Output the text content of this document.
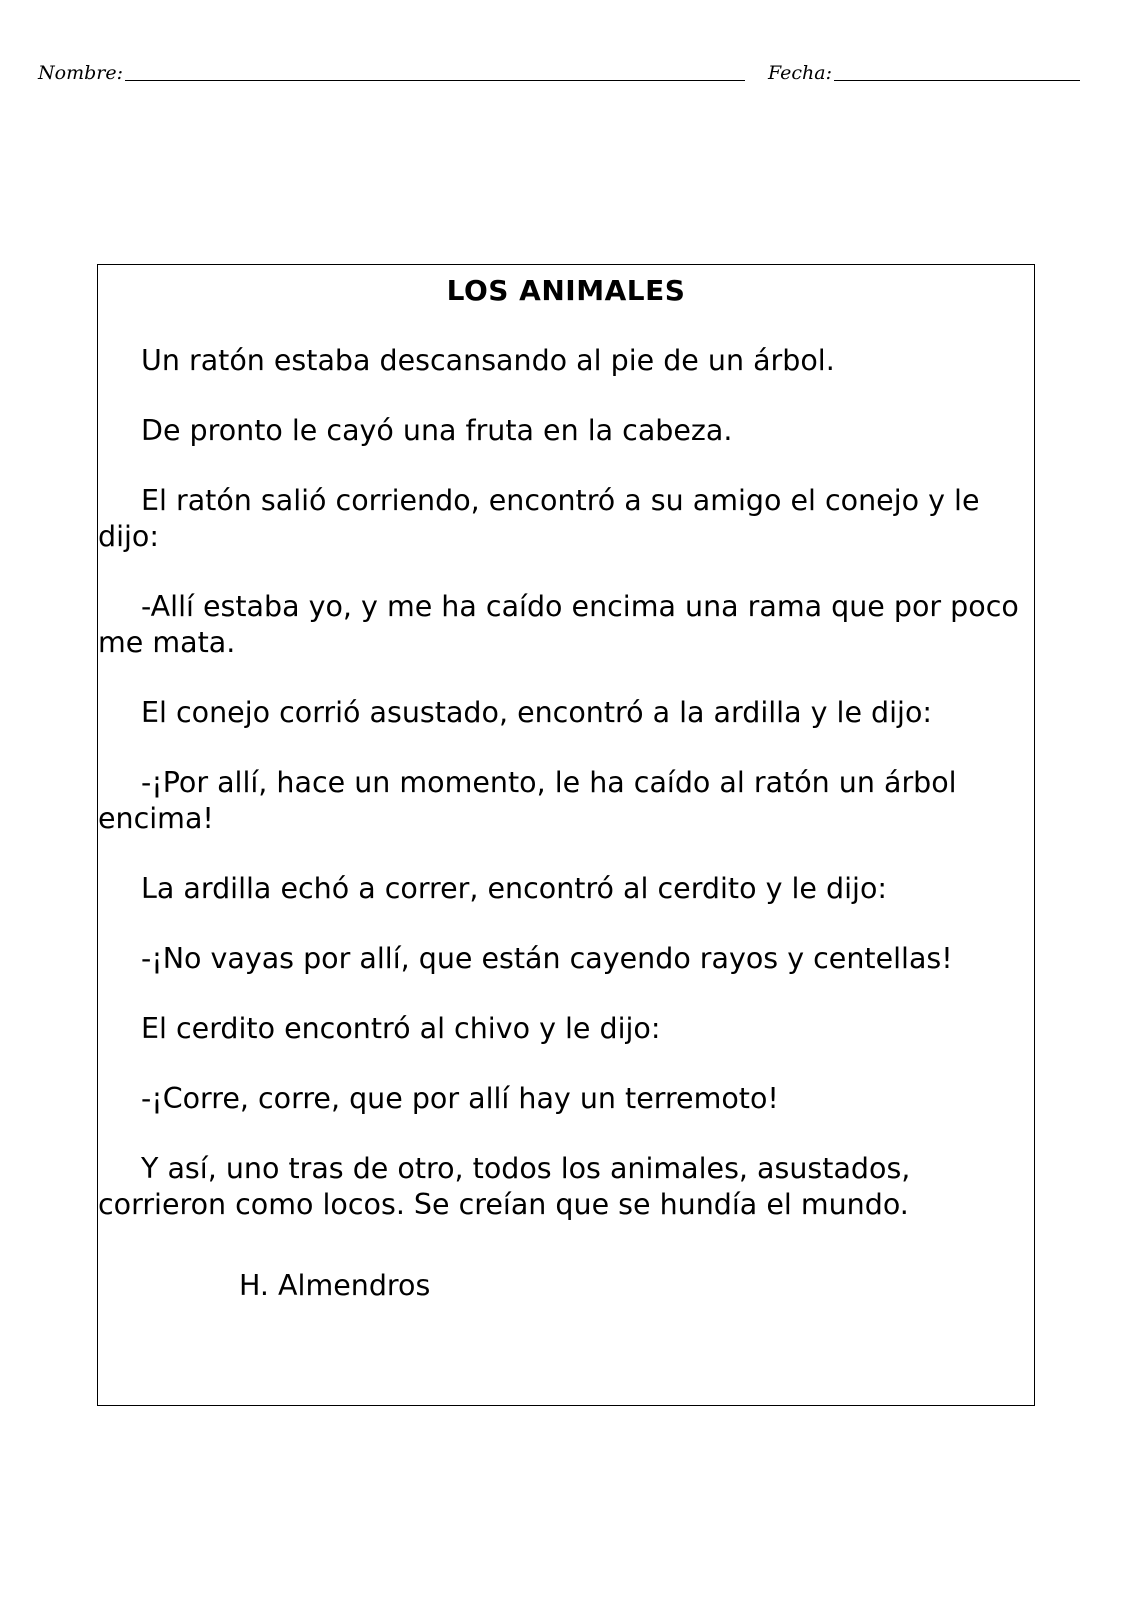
Nombre:	Fecha:
LOS ANIMALES

Un ratón estaba descansando al pie de un árbol.

De pronto le cayó una fruta en la cabeza.

El ratón salió corriendo, encontró a su amigo el conejo y le dijo:

-Allí estaba yo, y me ha caído encima una rama que por poco me mata.

El conejo corrió asustado, encontró a la ardilla y le dijo:

-¡Por allí, hace un momento, le ha caído al ratón un árbol encima!

La ardilla echó a correr, encontró al cerdito y le dijo:

-¡No vayas por allí, que están cayendo rayos y centellas!

El cerdito encontró al chivo y le dijo:

-¡Corre, corre, que por allí hay un terremoto!

Y así, uno tras de otro, todos los animales, asustados, corrieron como locos. Se creían que se hundía el mundo.

H. Almendros
